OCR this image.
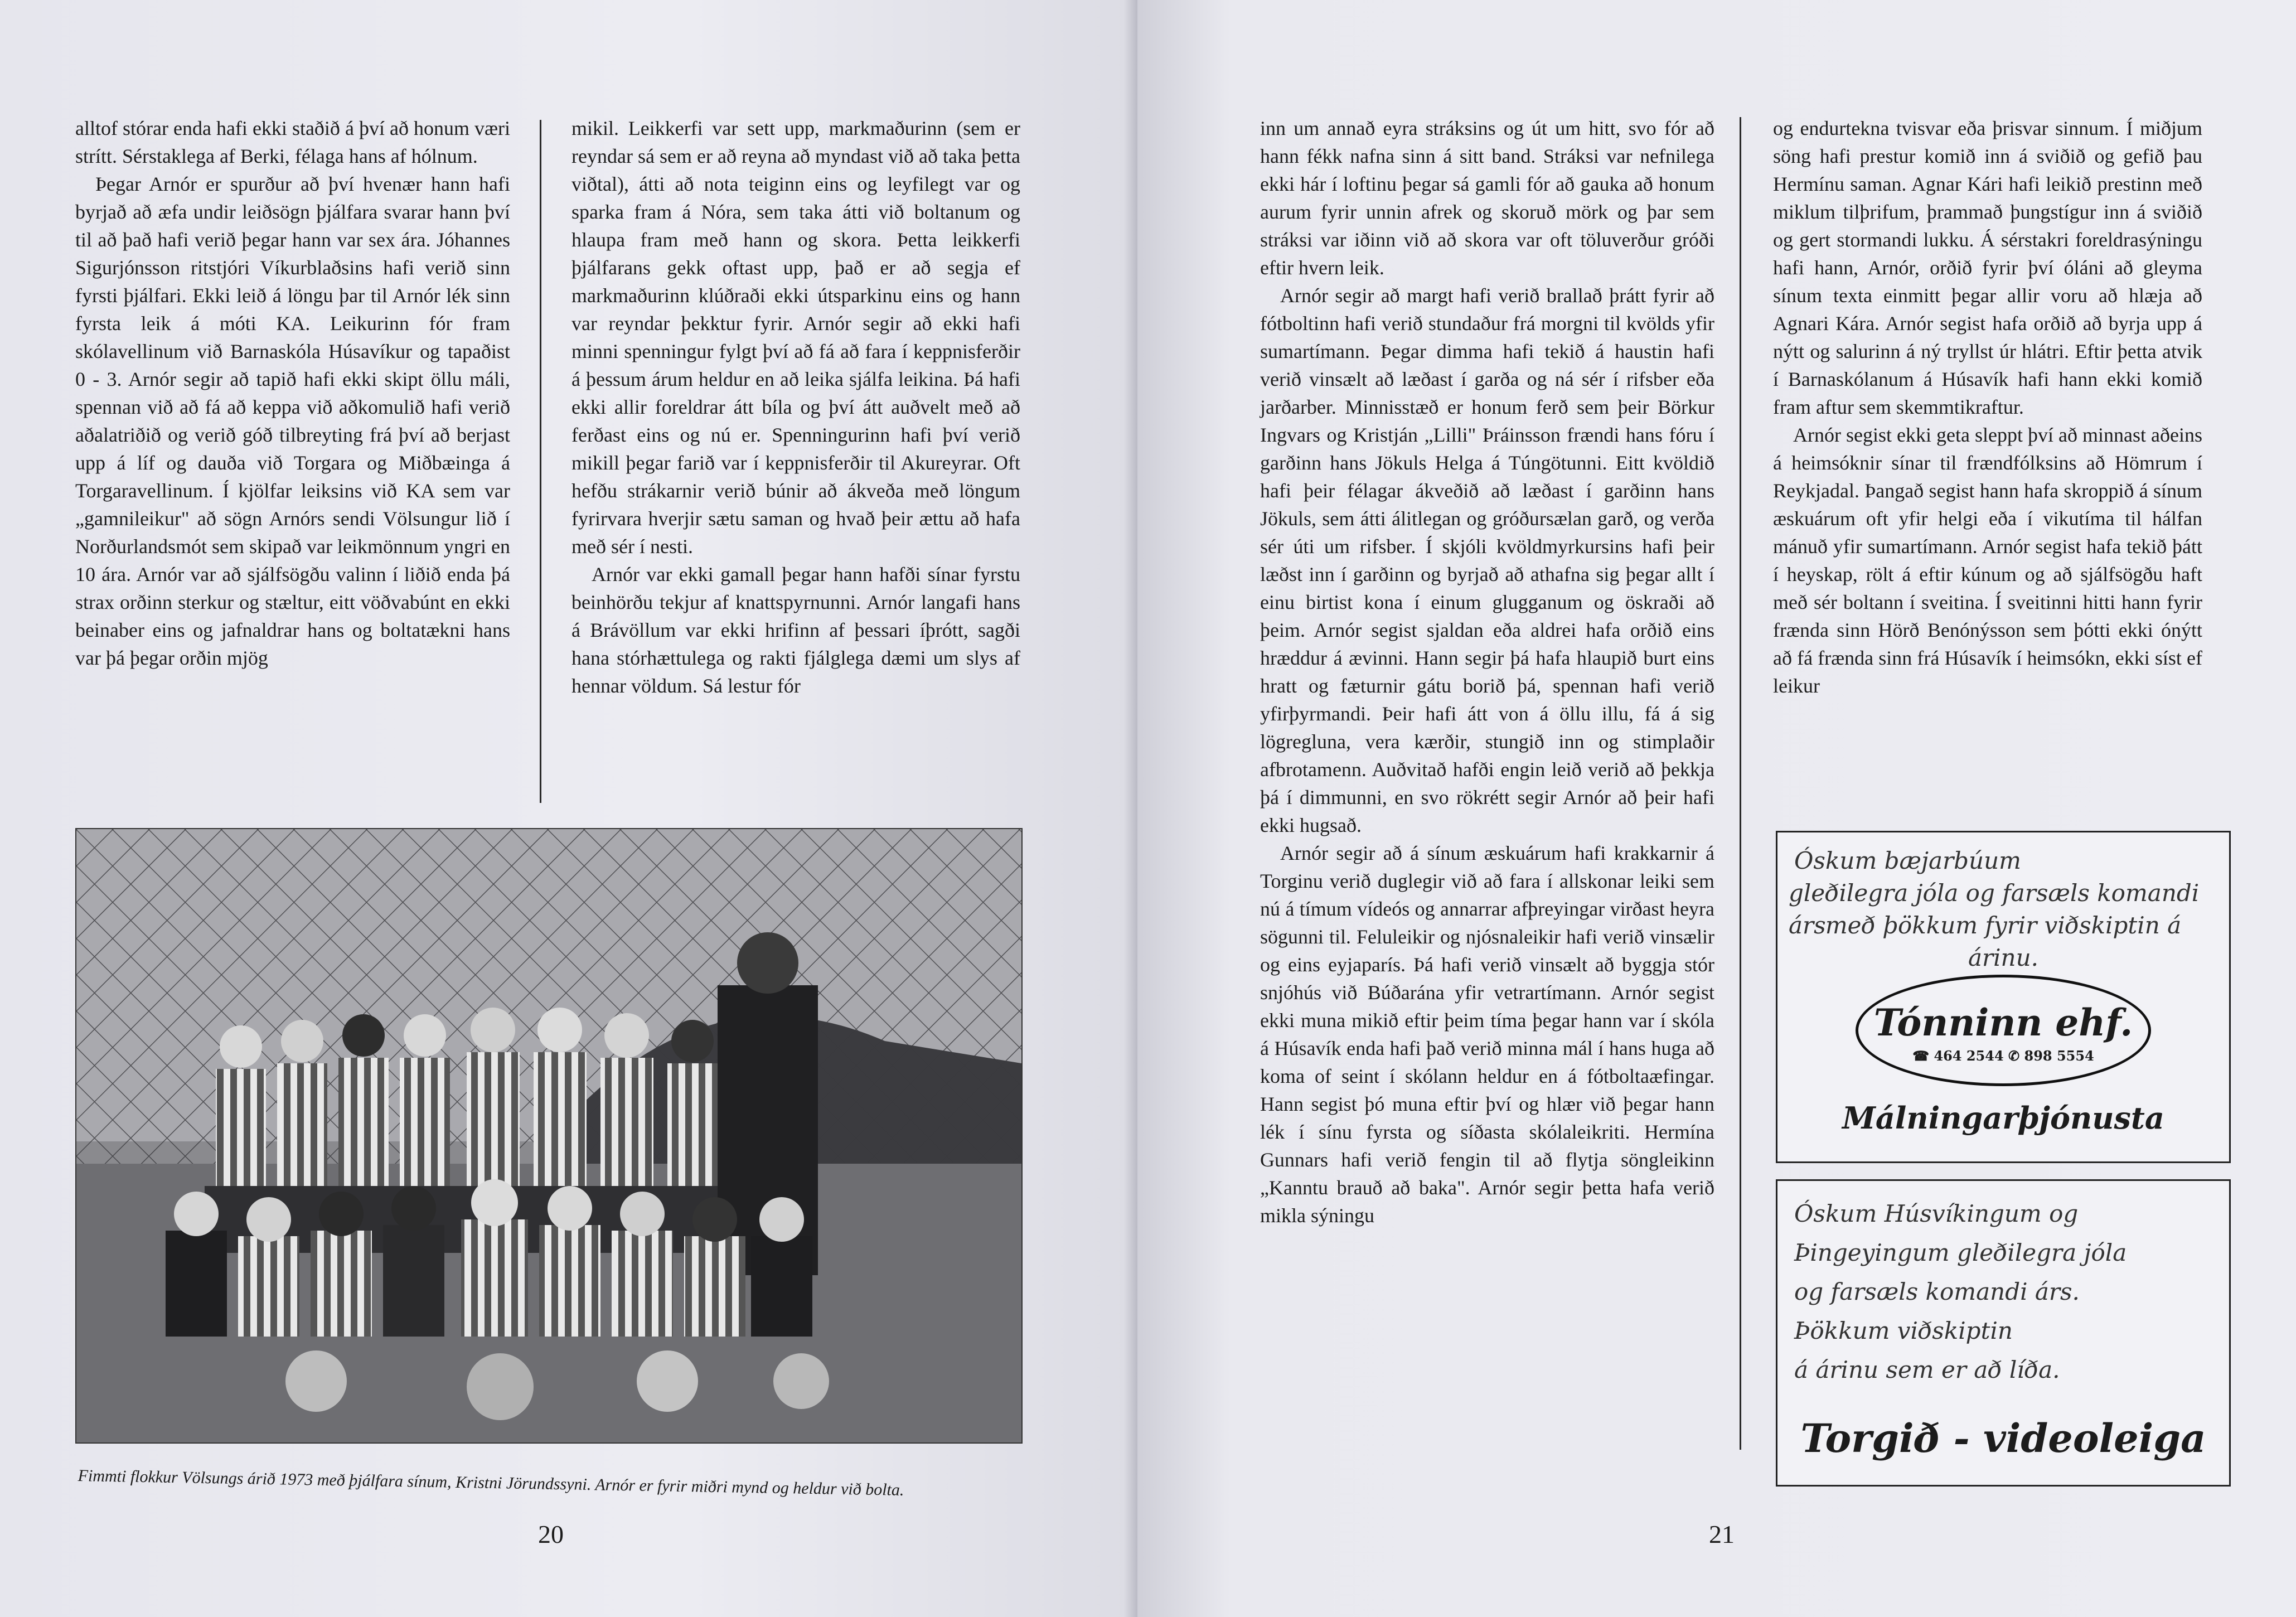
alltof stórar enda hafi ekki staðið á því að honum væri strítt. Sérstaklega af Berki, félaga hans af hólnum.

Þegar Arnór er spurður að því hvenær hann hafi byrjað að æfa undir leiðsögn þjálfara svarar hann því til að það hafi verið þegar hann var sex ára. Jóhannes Sigurjónsson ritstjóri Víkurblaðsins hafi verið sinn fyrsti þjálfari. Ekki leið á löngu þar til Arnór lék sinn fyrsta leik á móti KA. Leikurinn fór fram skólavellinum við Barnaskóla Húsavíkur og tapaðist 0 - 3. Arnór segir að tapið hafi ekki skipt öllu máli, spennan við að fá að keppa við aðkomulið hafi verið aðalatriðið og verið góð tilbreyting frá því að berjast upp á líf og dauða við Torgara og Miðbæinga á Torgaravellinum. Í kjölfar leiksins við KA sem var „gamnileikur" að sögn Arnórs sendi Völsungur lið í Norðurlandsmót sem skipað var leikmönnum yngri en 10 ára. Arnór var að sjálfsögðu valinn í liðið enda þá strax orðinn sterkur og stæltur, eitt vöðvabúnt en ekki beinaber eins og jafnaldrar hans og boltatækni hans var þá þegar orðin mjög

mikil. Leikkerfi var sett upp, markmaðurinn (sem er reyndar sá sem er að reyna að myndast við að taka þetta viðtal), átti að nota teiginn eins og leyfilegt var og sparka fram á Nóra, sem taka átti við boltanum og hlaupa fram með hann og skora. Þetta leikkerfi þjálfarans gekk oftast upp, það er að segja ef markmaðurinn klúðraði ekki útsparkinu eins og hann var reyndar þekktur fyrir. Arnór segir að ekki hafi minni spenningur fylgt því að fá að fara í keppnisferðir á þessum árum heldur en að leika sjálfa leikina. Þá hafi ekki allir foreldrar átt bíla og því átt auðvelt með að ferðast eins og nú er. Spenningurinn hafi því verið mikill þegar farið var í keppnisferðir til Akureyrar. Oft hefðu strákarnir verið búnir að ákveða með löngum fyrirvara hverjir sætu saman og hvað þeir ættu að hafa með sér í nesti.

Arnór var ekki gamall þegar hann hafði sínar fyrstu beinhörðu tekjur af knattspyrnunni. Arnór langafi hans á Brávöllum var ekki hrifinn af þessari íþrótt, sagði hana stórhættulega og rakti fjálglega dæmi um slys af hennar völdum. Sá lestur fór

Fimmti flokkur Völsungs árið 1973 með þjálfara sínum, Kristni Jörundssyni. Arnór er fyrir miðri mynd og heldur við bolta.
20

inn um annað eyra stráksins og út um hitt, svo fór að hann fékk nafna sinn á sitt band. Stráksi var nefnilega ekki hár í loftinu þegar sá gamli fór að gauka að honum aurum fyrir unnin afrek og skoruð mörk og þar sem stráksi var iðinn við að skora var oft töluverður gróði eftir hvern leik.

Arnór segir að margt hafi verið brallað þrátt fyrir að fótboltinn hafi verið stundaður frá morgni til kvölds yfir sumartímann. Þegar dimma hafi tekið á haustin hafi verið vinsælt að læðast í garða og ná sér í rifsber eða jarðarber. Minnisstæð er honum ferð sem þeir Börkur Ingvars og Kristján „Lilli" Þráinsson frændi hans fóru í garðinn hans Jökuls Helga á Túngötunni. Eitt kvöldið hafi þeir félagar ákveðið að læðast í garðinn hans Jökuls, sem átti álitlegan og gróðursælan garð, og verða sér úti um rifsber. Í skjóli kvöldmyrkursins hafi þeir læðst inn í garðinn og byrjað að athafna sig þegar allt í einu birtist kona í einum glugganum og öskraði að þeim. Arnór segist sjaldan eða aldrei hafa orðið eins hræddur á ævinni. Hann segir þá hafa hlaupið burt eins hratt og fæturnir gátu borið þá, spennan hafi verið yfirþyrmandi. Þeir hafi átt von á öllu illu, fá á sig lögregluna, vera kærðir, stungið inn og stimplaðir afbrotamenn. Auðvitað hafði engin leið verið að þekkja þá í dimmunni, en svo rökrétt segir Arnór að þeir hafi ekki hugsað.

Arnór segir að á sínum æskuárum hafi krakkarnir á Torginu verið duglegir við að fara í allskonar leiki sem nú á tímum vídeós og annarrar afþreyingar virðast heyra sögunni til. Feluleikir og njósnaleikir hafi verið vinsælir og eins eyjaparís. Þá hafi verið vinsælt að byggja stór snjóhús við Búðarána yfir vetrartímann. Arnór segist ekki muna mikið eftir þeim tíma þegar hann var í skóla á Húsavík enda hafi það verið minna mál í hans huga að koma of seint í skólann heldur en á fótboltaæfingar. Hann segist þó muna eftir því og hlær við þegar hann lék í sínu fyrsta og síðasta skólaleikriti. Hermína Gunnars hafi verið fengin til að flytja söngleikinn „Kanntu brauð að baka". Arnór segir þetta hafa verið mikla sýningu

og endurtekna tvisvar eða þrisvar sinnum. Í miðjum söng hafi prestur komið inn á sviðið og gefið þau Hermínu saman. Agnar Kári hafi leikið prestinn með miklum tilþrifum, þrammað þungstígur inn á sviðið og gert stormandi lukku. Á sérstakri foreldrasýningu hafi hann, Arnór, orðið fyrir því óláni að gleyma sínum texta einmitt þegar allir voru að hlæja að Agnari Kára. Arnór segist hafa orðið að byrja upp á nýtt og salurinn á ný tryllst úr hlátri. Eftir þetta atvik í Barnaskólanum á Húsavík hafi hann ekki komið fram aftur sem skemmtikraftur.

Arnór segist ekki geta sleppt því að minnast aðeins á heimsóknir sínar til frændfólksins að Hömrum í Reykjadal. Þangað segist hann hafa skroppið á sínum æskuárum oft yfir helgi eða í vikutíma til hálfan mánuð yfir sumartímann. Arnór segist hafa tekið þátt í heyskap, rölt á eftir kúnum og að sjálfsögðu haft með sér boltann í sveitina. Í sveitinni hitti hann fyrir frænda sinn Hörð Benónýsson sem þótti ekki ónýtt að fá frænda sinn frá Húsavík í heimsókn, ekki síst ef leikur

Óskum bæjarbúum
gleðilegra jóla og farsæls komandi árs með þökkum fyrir viðskiptin á árinu.
Tónninn ehf.
☎ 464 2544 ✆ 898 5554
Málningarþjónusta
Óskum Húsvíkingum og
Þingeyingum gleðilegra jóla
og farsæls komandi árs.
Þökkum viðskiptin
á árinu sem er að líða.
Torgið - videoleiga
21
